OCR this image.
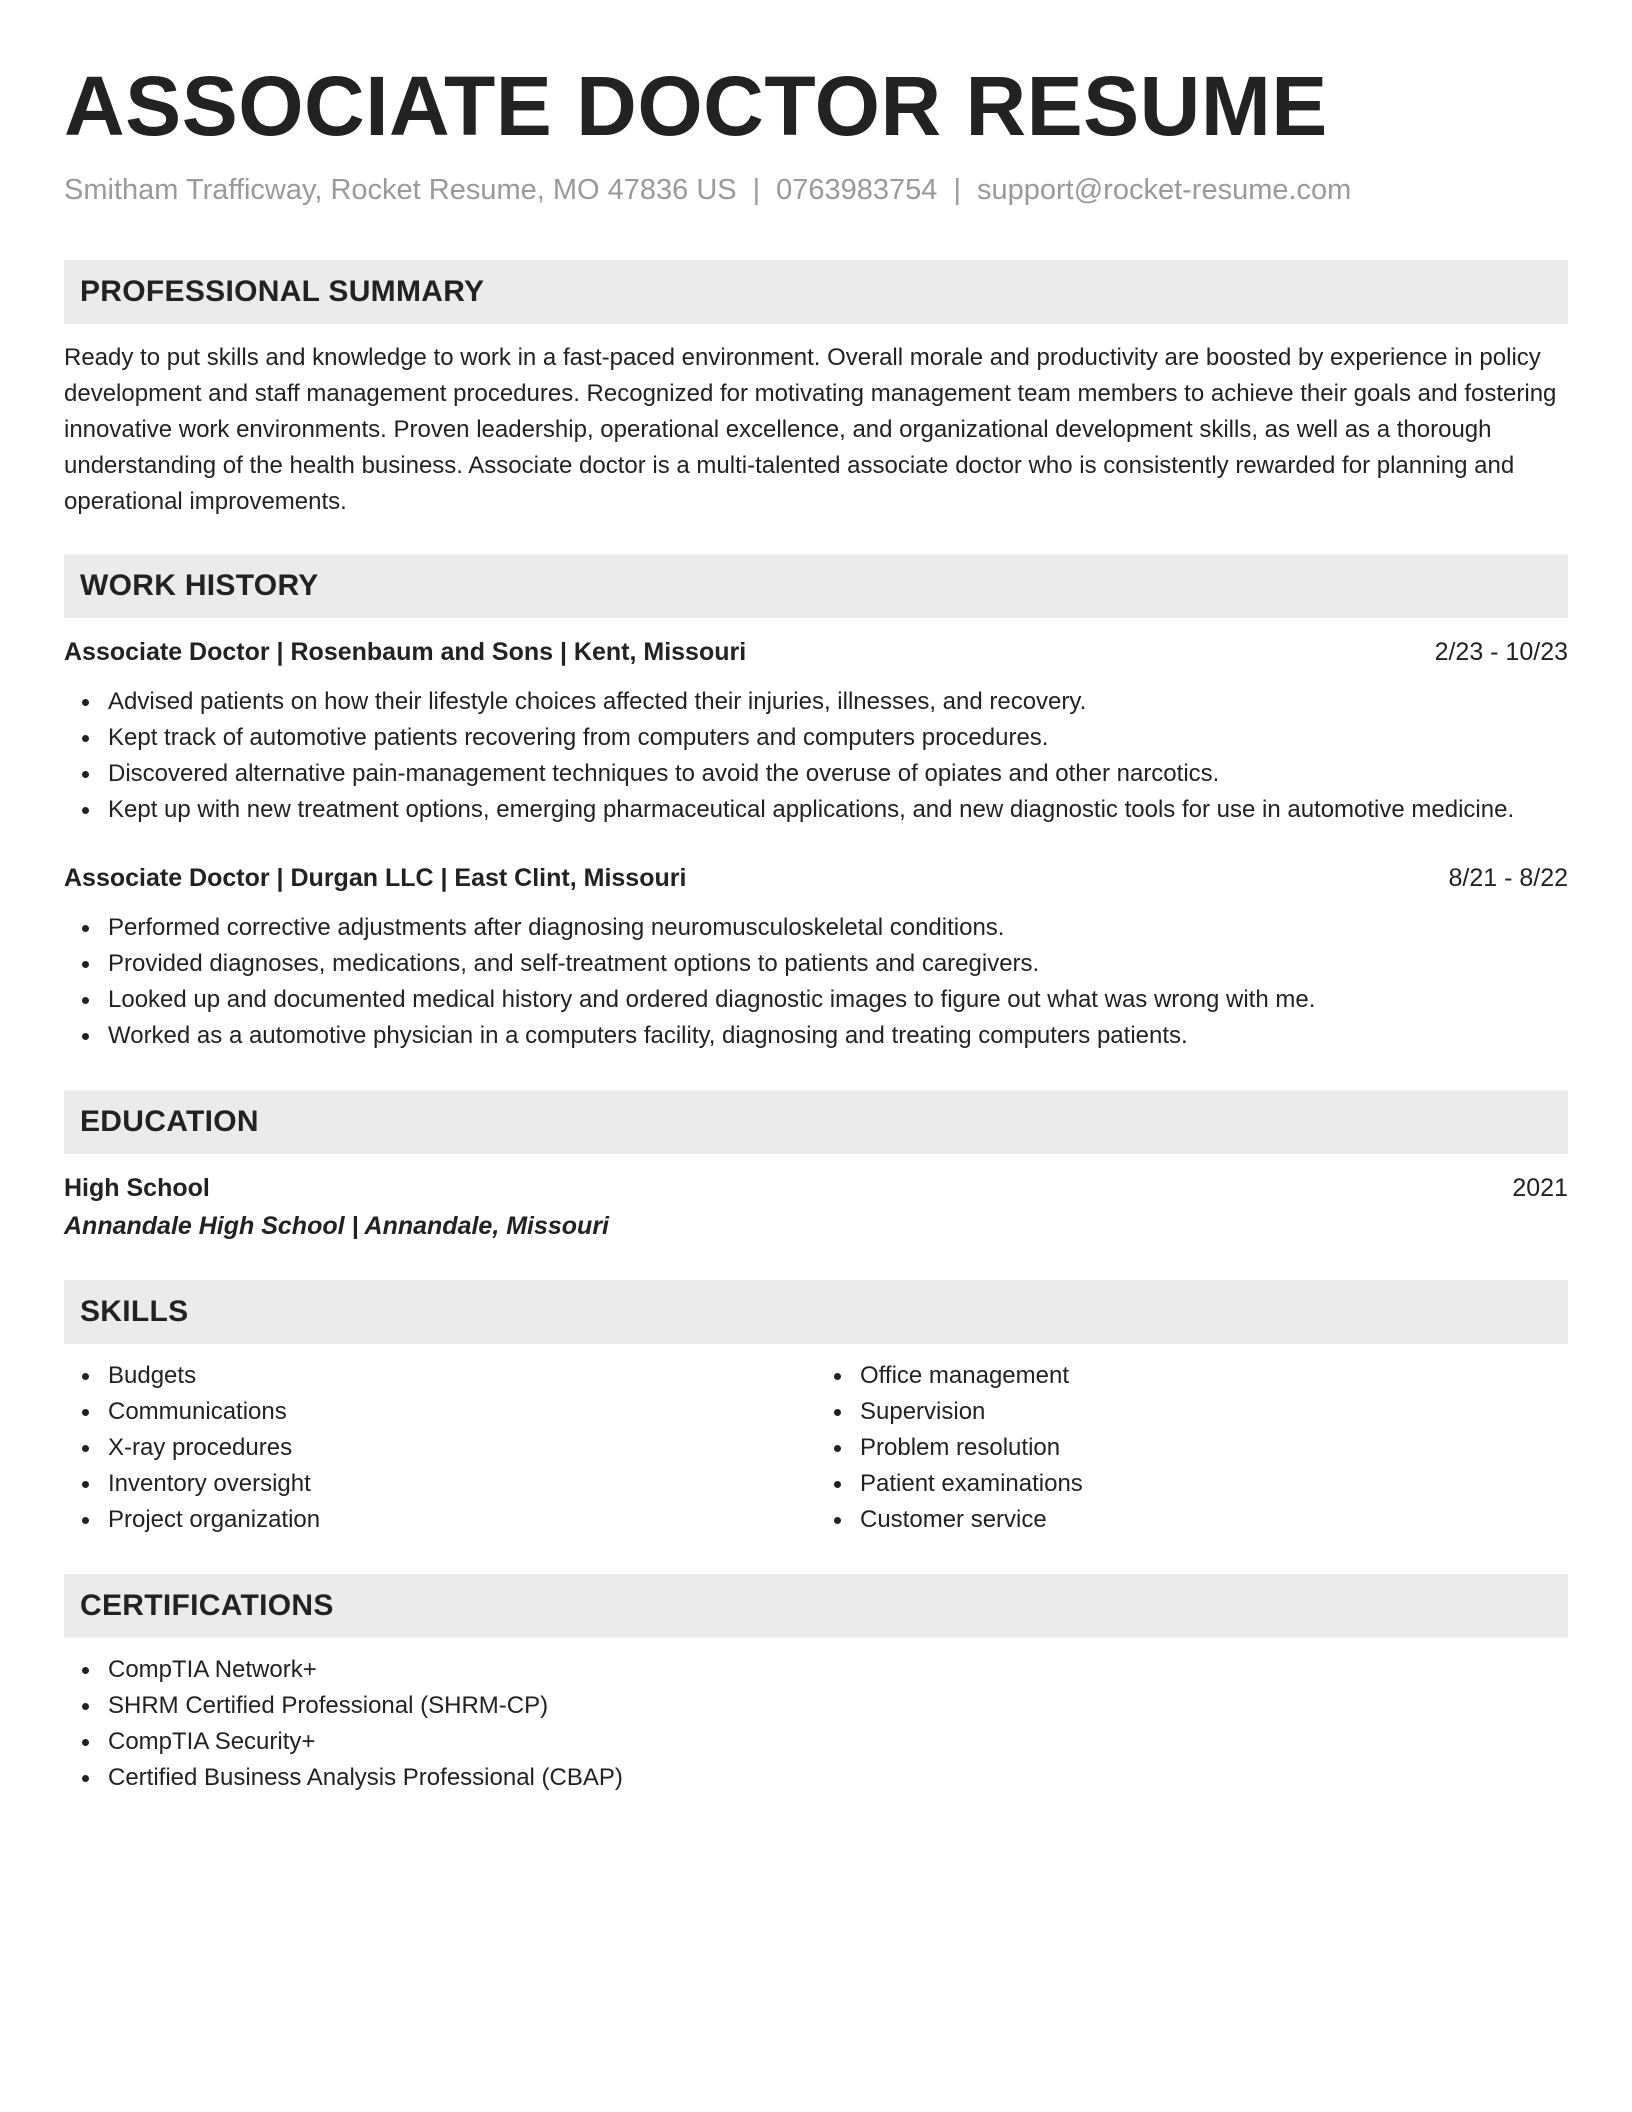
ASSOCIATE DOCTOR RESUME
Smitham Trafficway, Rocket Resume, MO 47836 US | 0763983754 | support@rocket-resume.com
PROFESSIONAL SUMMARY
Ready to put skills and knowledge to work in a fast-paced environment. Overall morale and productivity are boosted by experience in policy development and staff management procedures. Recognized for motivating management team members to achieve their goals and fostering innovative work environments. Proven leadership, operational excellence, and organizational development skills, as well as a thorough understanding of the health business. Associate doctor is a multi-talented associate doctor who is consistently rewarded for planning and operational improvements.
WORK HISTORY
Associate Doctor | Rosenbaum and Sons | Kent, Missouri	2/23 - 10/23
Advised patients on how their lifestyle choices affected their injuries, illnesses, and recovery.
Kept track of automotive patients recovering from computers and computers procedures.
Discovered alternative pain-management techniques to avoid the overuse of opiates and other narcotics.
Kept up with new treatment options, emerging pharmaceutical applications, and new diagnostic tools for use in automotive medicine.
Associate Doctor | Durgan LLC | East Clint, Missouri	8/21 - 8/22
Performed corrective adjustments after diagnosing neuromusculoskeletal conditions.
Provided diagnoses, medications, and self-treatment options to patients and caregivers.
Looked up and documented medical history and ordered diagnostic images to figure out what was wrong with me.
Worked as a automotive physician in a computers facility, diagnosing and treating computers patients.
EDUCATION
High School	2021
Annandale High School | Annandale, Missouri
SKILLS
Budgets
Communications
X-ray procedures
Inventory oversight
Project organization
Office management
Supervision
Problem resolution
Patient examinations
Customer service
CERTIFICATIONS
CompTIA Network+
SHRM Certified Professional (SHRM-CP)
CompTIA Security+
Certified Business Analysis Professional (CBAP)
